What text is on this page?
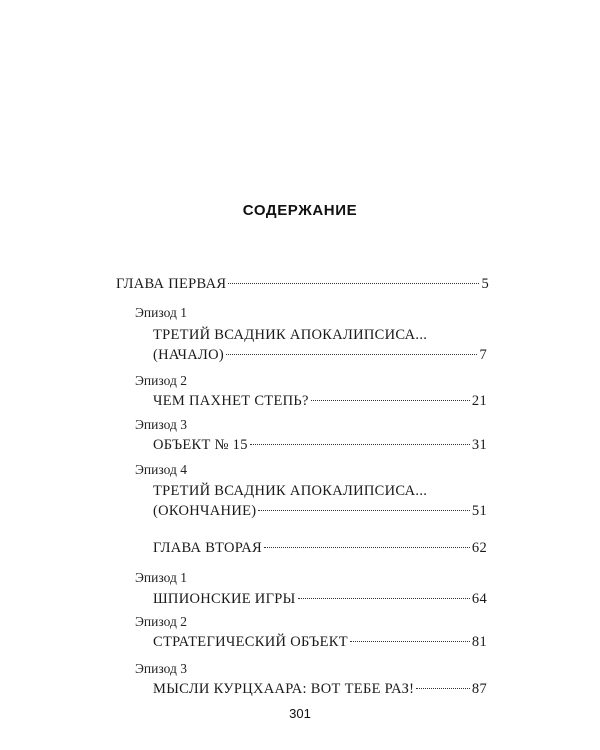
СОДЕРЖАНИЕ
ГЛАВА ПЕРВАЯ	5
Эпизод 1
ТРЕТИЙ ВСАДНИК АПОКАЛИПСИСА...
(НАЧАЛО)	7
Эпизод 2
ЧЕМ ПАХНЕТ СТЕПЬ?	21
Эпизод 3
ОБЪЕКТ № 15	31
Эпизод 4
ТРЕТИЙ ВСАДНИК АПОКАЛИПСИСА...
(ОКОНЧАНИЕ)	51
ГЛАВА ВТОРАЯ	62
Эпизод 1
ШПИОНСКИЕ ИГРЫ	64
Эпизод 2
СТРАТЕГИЧЕСКИЙ ОБЪЕКТ	81
Эпизод 3
МЫСЛИ КУРЦХААРА: ВОТ ТЕБЕ РАЗ!	87
301
